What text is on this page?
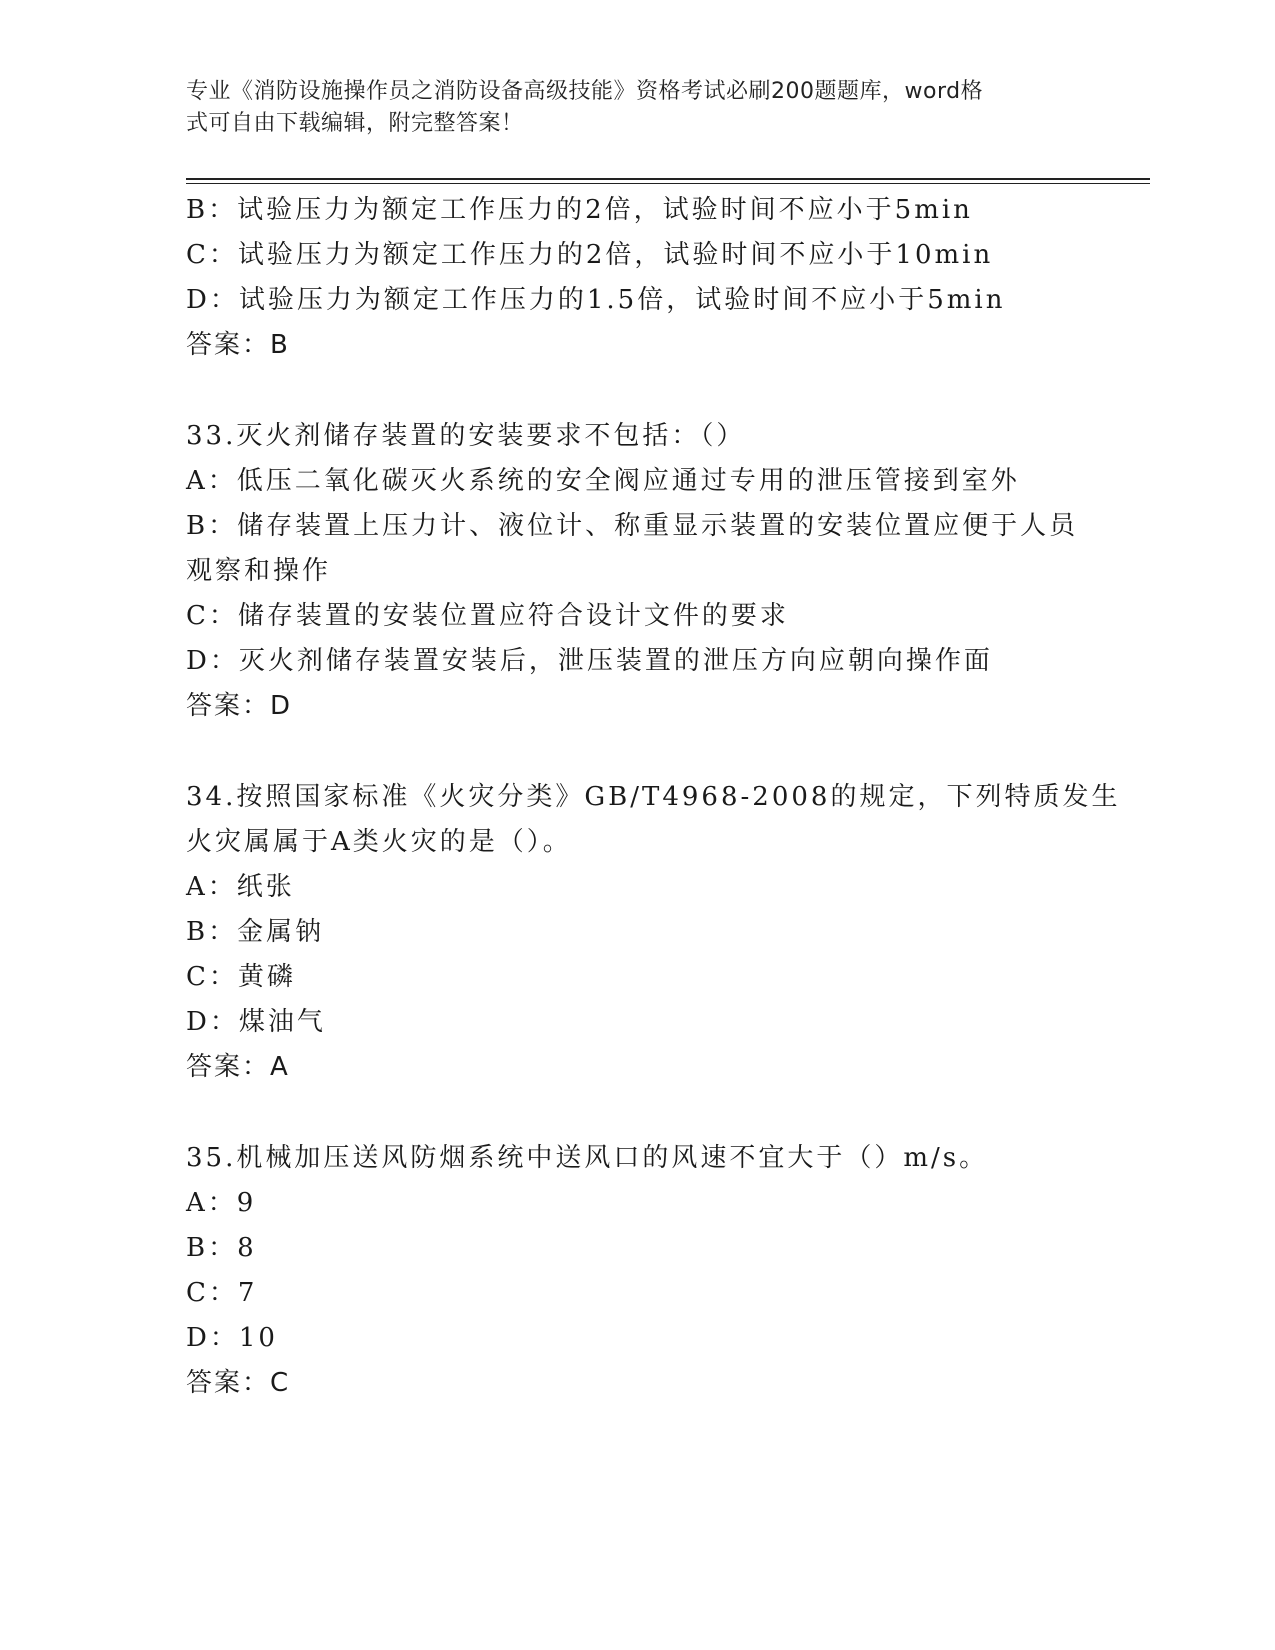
专业《消防设施操作员之消防设备高级技能》资格考试必刷200题题库，word格
式可自由下载编辑，附完整答案！
B：试验压力为额定工作压力的2倍，试验时间不应小于5min
C：试验压力为额定工作压力的2倍，试验时间不应小于10min
D：试验压力为额定工作压力的1.5倍，试验时间不应小于5min
答案：B
33.灭火剂储存装置的安装要求不包括：（）
A：低压二氧化碳灭火系统的安全阀应通过专用的泄压管接到室外
B：储存装置上压力计、液位计、称重显示装置的安装位置应便于人员
观察和操作
C：储存装置的安装位置应符合设计文件的要求
D：灭火剂储存装置安装后，泄压装置的泄压方向应朝向操作面
答案：D
34.按照国家标准《火灾分类》GB/T4968-2008的规定，下列特质发生
火灾属属于A类火灾的是（）。
A：纸张
B：金属钠
C：黄磷
D：煤油气
答案：A
35.机械加压送风防烟系统中送风口的风速不宜大于（）m/s。
A：9
B：8
C：7
D：10
答案：C
